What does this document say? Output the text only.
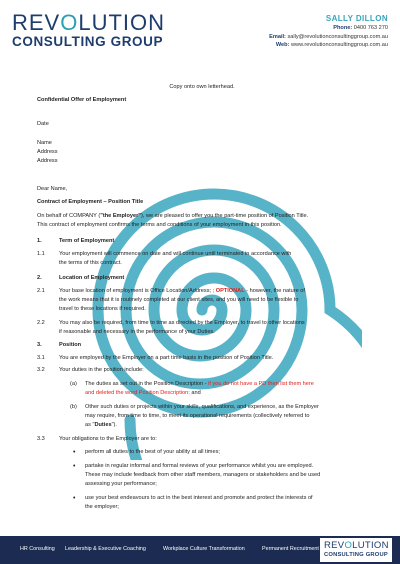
REVOLUTION
CONSULTING GROUP
SALLY DILLON
Phone: 0400 763 270
Email: sally@revolutionconsultinggroup.com.au
Web: www.revolutionconsultinggroup.com.au
Copy onto own letterhead.
Confidential Offer of Employment
Date
Name
Address
Address
Dear Name,
Contract of Employment – Position Title
On behalf of COMPANY ("the Employer"), we are pleased to offer you the part-time position of Position Title.
This contract of employment confirms the terms and conditions of your employment in this position.
1.	Term of Employment
1.1	Your employment will commence on date and will continue until terminated in accordance with
the terms of this contract.
2.	Location of Employment
2.1	Your base location of employment is Office Location/Address; ; OPTIONAL - however, the nature of
the work means that it is routinely completed at our client sites, and you will need to be flexible to
travel to these locations if required.
2.2	You may also be required, from time to time as directed by the Employer, to travel to other locations
if reasonable and necessary in the performance of your Duties.
3.	Position
3.1	You are employed by the Employer on a part time basis in the position of Position Title.
3.2	Your duties in the position include:
(a) The duties as set out in the Position Description - if you do not have a PD then list them here
and deleted the word Position Description; and
(b) Other such duties or projects within your skills, qualifications, and experience, as the Employer
may require, from time to time, to meet its operational requirements (collectively referred to
as "Duties").
3.3	Your obligations to the Employer are to:
• perform all duties to the best of your ability at all times;
• partake in regular informal and formal reviews of your performance whilst you are employed.
These may include feedback from other staff members, managers or stakeholders and be used
assessing your performance;
• use your best endeavours to act in the best interest and promote and protect the interests of
the employer;
HR Consulting Leadership & Executive Coaching	Workplace Culture Transformation	Permanent Recruitment REVOLUTION
CONSULTING GROUP
